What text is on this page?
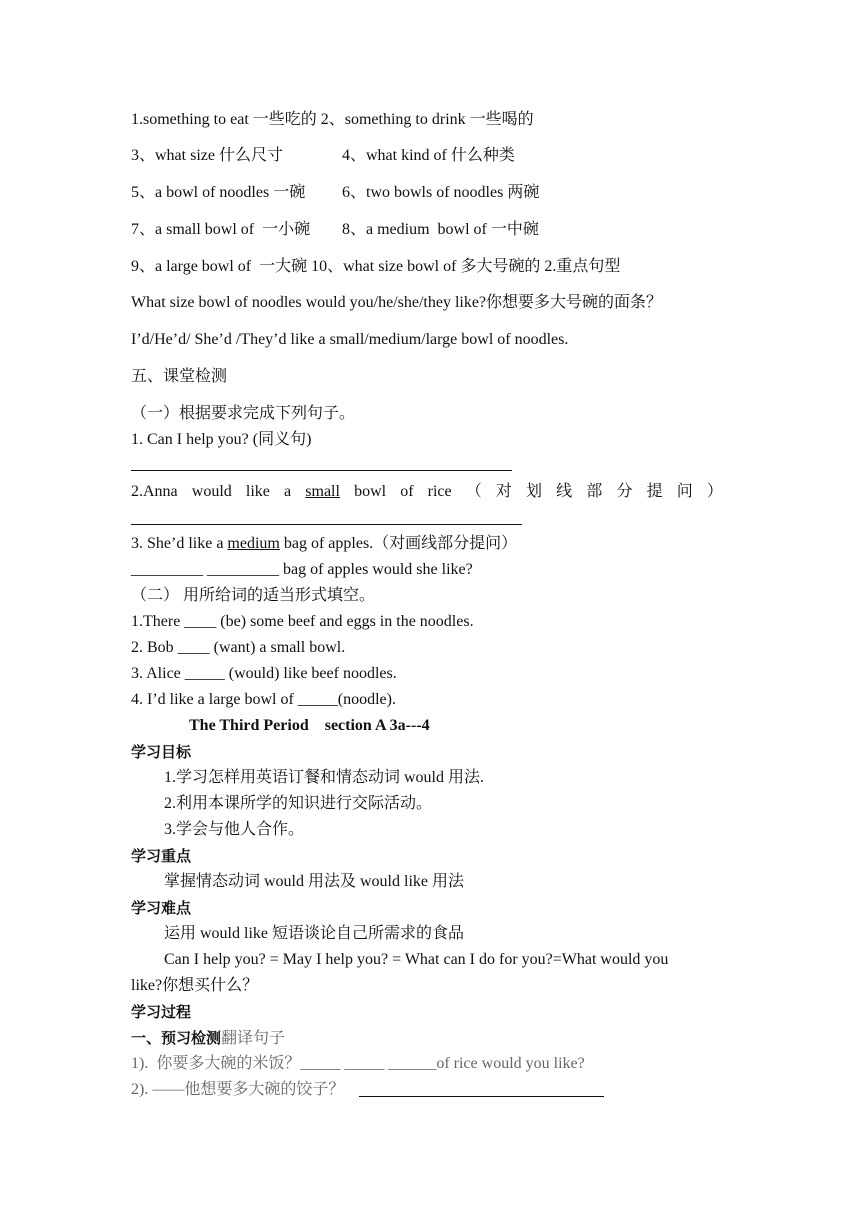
1.something to eat 一些吃的 2、something to drink 一些喝的
3、what size 什么尺寸	4、what kind of 什么种类
5、a bowl of noodles 一碗 6、two bowls of noodles 两碗
7、a small bowl of  一小碗 8、a medium  bowl of 一中碗
9、a large bowl of  一大碗 10、what size bowl of 多大号碗的 2.重点句型
What size bowl of noodles would you/he/she/they like?你想要多大号碗的面条？
I’d/He’d/ She’d /They’d like a small/medium/large bowl of noodles.
五、课堂检测
（一）根据要求完成下列句子。
1. Can I help you? (同义句)
2.Anna would like a small bowl of rice （ 对 划 线 部 分 提 问 ）
3. She’d like a medium bag of apples.（对画线部分提问）
_________ _________ bag of apples would she like?
（二） 用所给词的适当形式填空。
1.There ____ (be) some beef and eggs in the noodles.
2. Bob ____ (want) a small bowl.
3. Alice _____ (would) like beef noodles.
4. I’d like a large bowl of _____(noodle).
The Third Period    section A 3a---4
学习目标
1.学习怎样用英语订餐和情态动词 would 用法.
2.利用本课所学的知识进行交际活动。
3.学会与他人合作。
学习重点
掌握情态动词 would 用法及 would like 用法
学习难点
运用 would like 短语谈论自己所需求的食品
Can I help you? = May I help you? = What can I do for you?=What would you
like?你想买什么？
学习过程
一、预习检测翻译句子
1).  你要多大碗的米饭？_____ _____ ______of rice would you like?
2). ——他想要多大碗的饺子？
